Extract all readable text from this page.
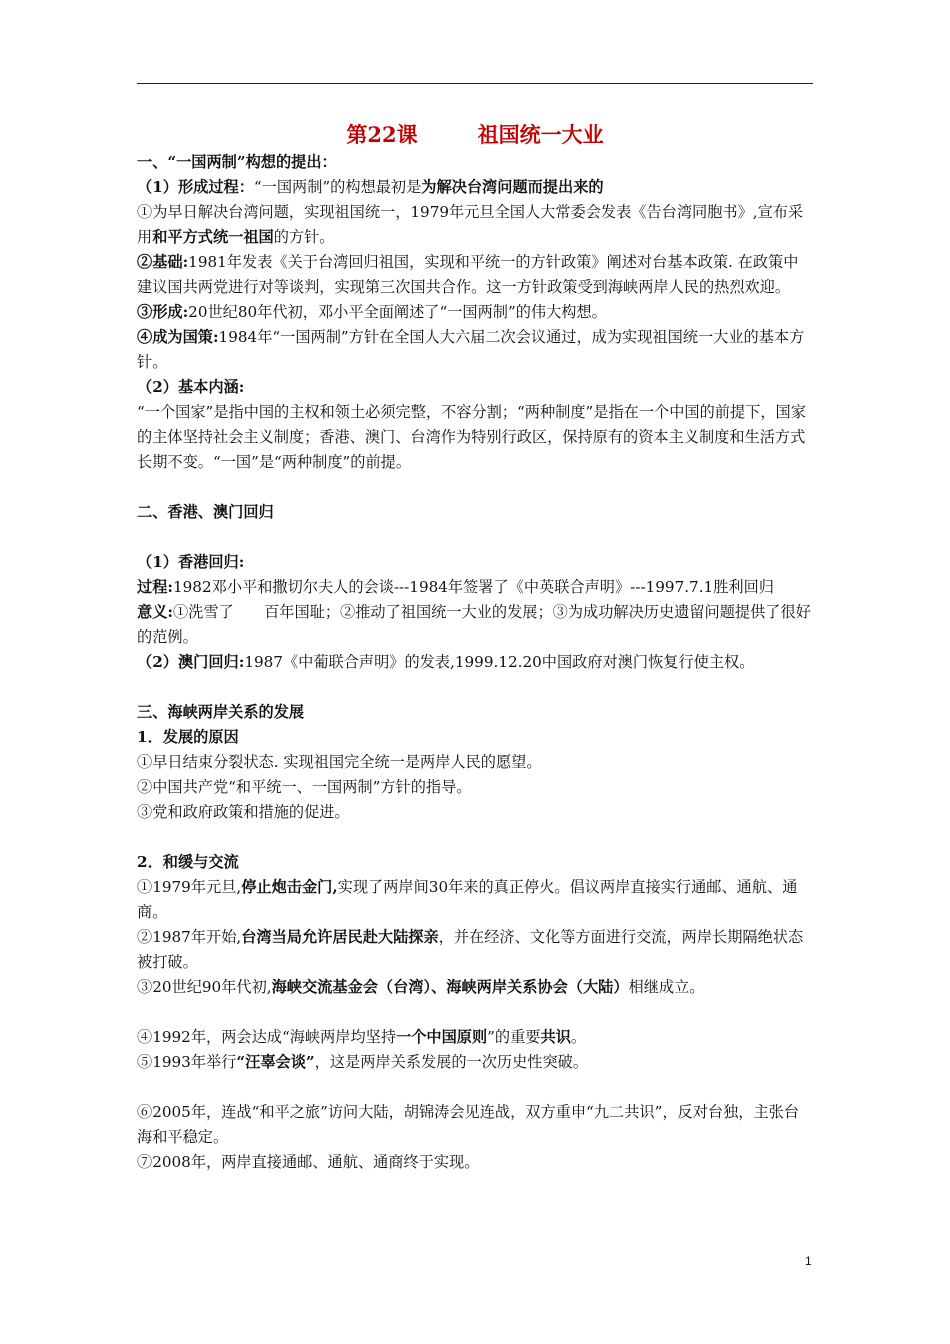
第22课	祖国统一大业

一、“一国两制”构想的提出：

（1）形成过程：“一国两制”的构想最初是为解决台湾问题而提出来的

①为早日解决台湾问题，实现祖国统一，1979年元旦全国人大常委会发表《告台湾同胞书》,宣布采用和平方式统一祖国的方针。

②基础:1981年发表《关于台湾回归祖国，实现和平统一的方针政策》阐述对台基本政策. 在政策中建议国共两党进行对等谈判，实现第三次国共合作。这一方针政策受到海峡两岸人民的热烈欢迎。

③形成:20世纪80年代初，邓小平全面阐述了“一国两制”的伟大构想。

④成为国策:1984年“一国两制”方针在全国人大六届二次会议通过，成为实现祖国统一大业的基本方针。

（2）基本内涵:

“一个国家”是指中国的主权和领土必须完整，不容分割；“两种制度”是指在一个中国的前提下，国家的主体坚持社会主义制度；香港、澳门、台湾作为特别行政区，保持原有的资本主义制度和生活方式长期不变。“一国”是“两种制度”的前提。

二、香港、澳门回归

（1）香港回归:

过程:1982邓小平和撒切尔夫人的会谈---1984年签署了《中英联合声明》---1997.7.1胜利回归

意义:①洗雪了　　百年国耻；②推动了祖国统一大业的发展；③为成功解决历史遗留问题提供了很好的范例。

（2）澳门回归:1987《中葡联合声明》的发表,1999.12.20中国政府对澳门恢复行使主权。

三、海峡两岸关系的发展

1．发展的原因

①早日结束分裂状态. 实现祖国完全统一是两岸人民的愿望。

②中国共产党“和平统一、一国两制”方针的指导。

③党和政府政策和措施的促进。

2．和缓与交流

①1979年元旦,停止炮击金门,实现了两岸间30年来的真正停火。倡议两岸直接实行通邮、通航、通商。

②1987年开始,台湾当局允许居民赴大陆探亲，并在经济、文化等方面进行交流，两岸长期隔绝状态被打破。

③20世纪90年代初,海峡交流基金会（台湾）、海峡两岸关系协会（大陆）相继成立。

④1992年，两会达成“海峡两岸均坚持一个中国原则”的重要共识。

⑤1993年举行“汪辜会谈”，这是两岸关系发展的一次历史性突破。

⑥2005年，连战“和平之旅”访问大陆，胡锦涛会见连战，双方重申“九二共识”，反对台独，主张台海和平稳定。

⑦2008年，两岸直接通邮、通航、通商终于实现。

1
